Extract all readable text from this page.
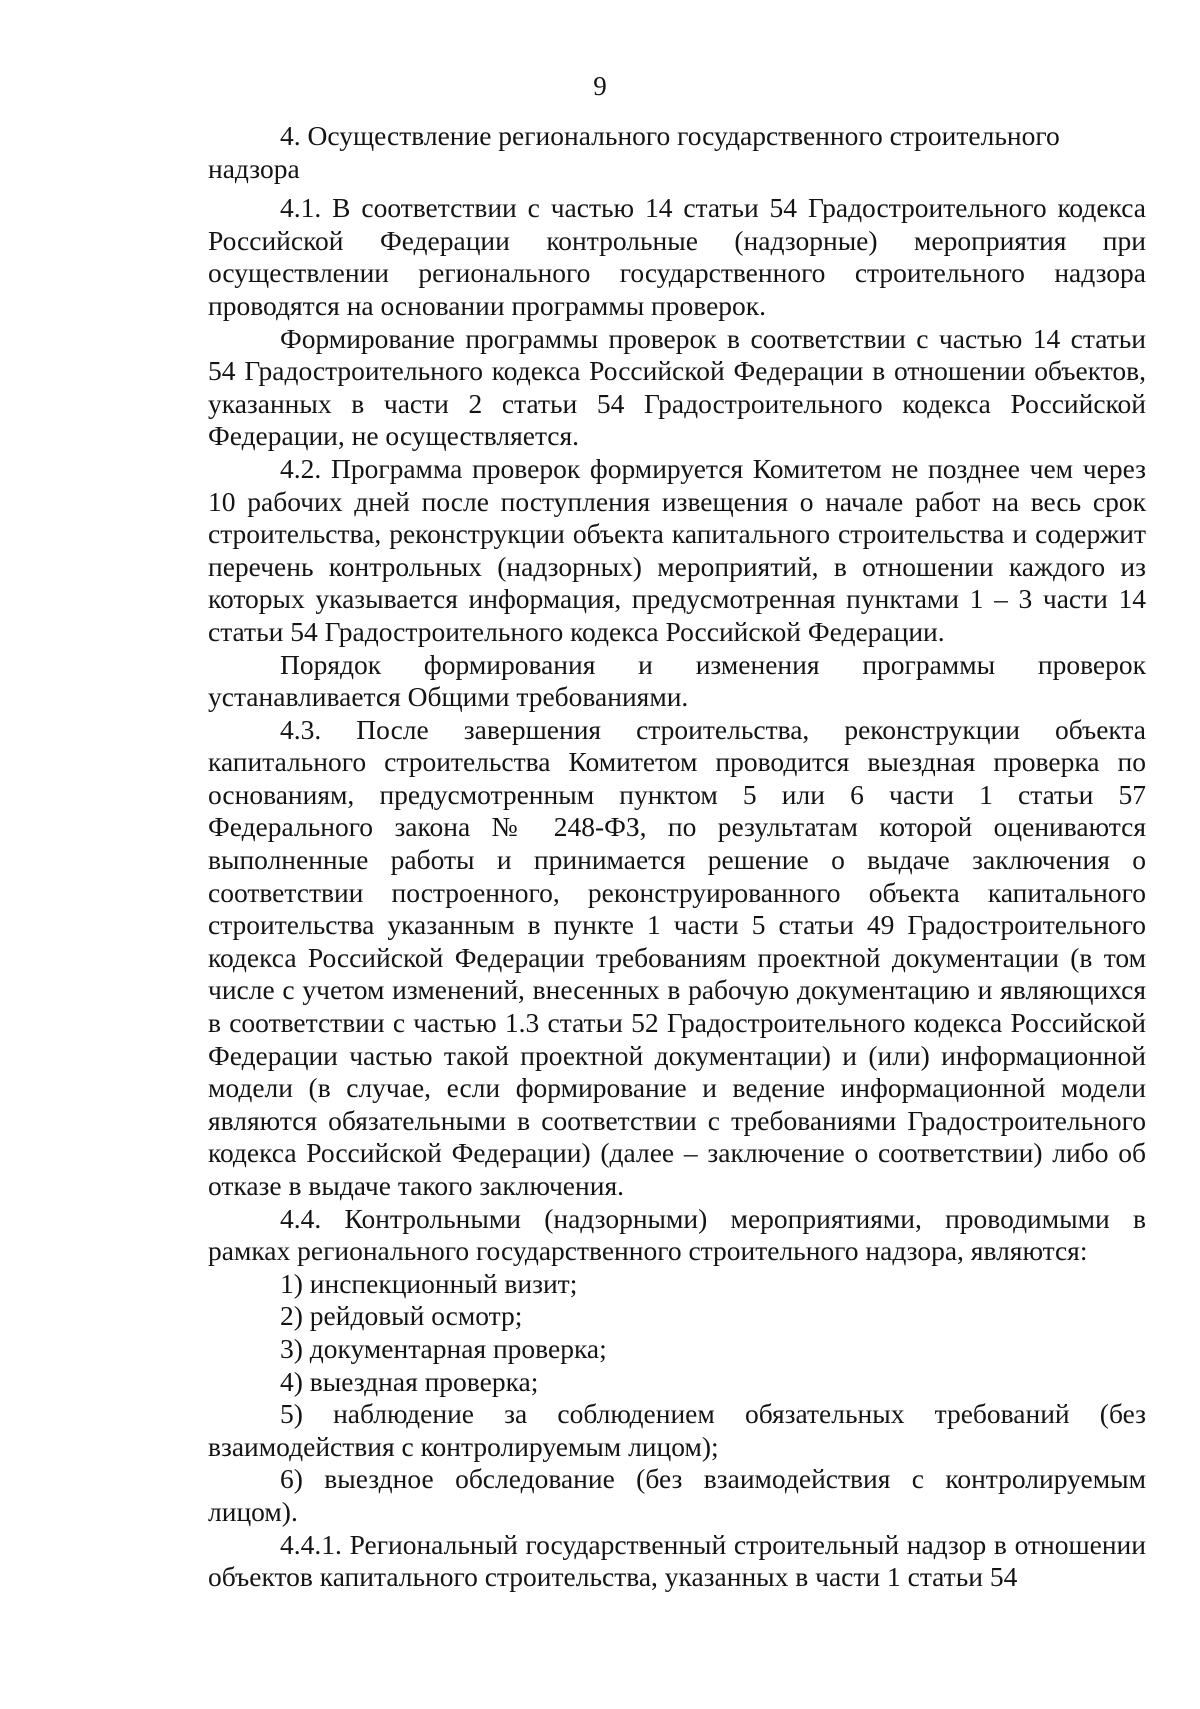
9

4. Осуществление регионального государственного строительного надзора

4.1. В соответствии с частью 14 статьи 54 Градостроительного кодекса Российской Федерации контрольные (надзорные) мероприятия при осуществлении регионального государственного строительного надзора проводятся на основании программы проверок.

Формирование программы проверок в соответствии с частью 14 статьи 54 Градостроительного кодекса Российской Федерации в отношении объектов, указанных в части 2 статьи 54 Градостроительного кодекса Российской Федерации, не осуществляется.

4.2. Программа проверок формируется Комитетом не позднее чем через 10 рабочих дней после поступления извещения о начале работ на весь срок строительства, реконструкции объекта капитального строительства и содержит перечень контрольных (надзорных) мероприятий, в отношении каждого из которых указывается информация, предусмотренная пунктами 1 – 3 части 14 статьи 54 Градостроительного кодекса Российской Федерации.

Порядок формирования и изменения программы проверок устанавливается Общими требованиями.

4.3. После завершения строительства, реконструкции объекта капитального строительства Комитетом проводится выездная проверка по основаниям, предусмотренным пунктом 5 или 6 части 1 статьи 57 Федерального закона № 248-ФЗ, по результатам которой оцениваются выполненные работы и принимается решение о выдаче заключения о соответствии построенного, реконструированного объекта капитального строительства указанным в пункте 1 части 5 статьи 49 Градостроительного кодекса Российской Федерации требованиям проектной документации (в том числе с учетом изменений, внесенных в рабочую документацию и являющихся в соответствии с частью 1.3 статьи 52 Градостроительного кодекса Российской Федерации частью такой проектной документации) и (или) информационной модели (в случае, если формирование и ведение информационной модели являются обязательными в соответствии с требованиями Градостроительного кодекса Российской Федерации) (далее – заключение о соответствии) либо об отказе в выдаче такого заключения.

4.4. Контрольными (надзорными) мероприятиями, проводимыми в рамках регионального государственного строительного надзора, являются:

1) инспекционный визит;

2) рейдовый осмотр;

3) документарная проверка;

4) выездная проверка;

5) наблюдение за соблюдением обязательных требований (без взаимодействия с контролируемым лицом);

6) выездное обследование (без взаимодействия с контролируемым лицом).

4.4.1. Региональный государственный строительный надзор в отношении объектов капитального строительства, указанных в части 1 статьи 54
